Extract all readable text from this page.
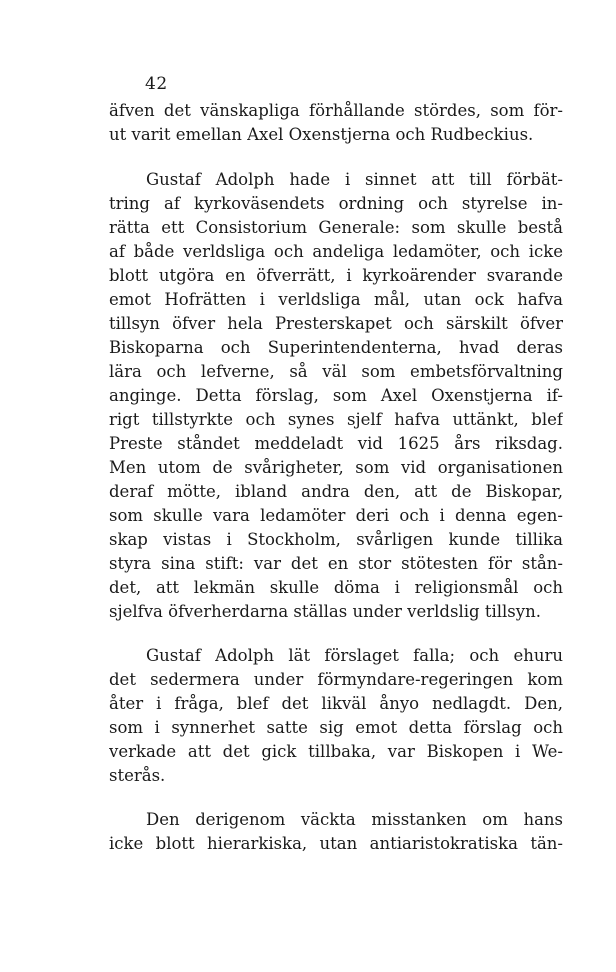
42
äfven det vänskapliga förhållande stördes, som för-
ut varit emellan Axel Oxenstjerna och Rudbeckius.
Gustaf Adolph hade i sinnet att till förbät-
tring af kyrkoväsendets ordning och styrelse in-
rätta ett Consistorium Generale: som skulle bestå
af både verldsliga och andeliga ledamöter, och icke
blott utgöra en öfverrätt, i kyrkoärender svarande
emot Hofrätten i verldsliga mål, utan ock hafva
tillsyn öfver hela Presterskapet och särskilt öfver
Biskoparna och Superintendenterna, hvad deras
lära och lefverne, så väl som embetsförvaltning
anginge. Detta förslag, som Axel Oxenstjerna if-
rigt tillstyrkte och synes sjelf hafva uttänkt, blef
Preste ståndet meddeladt vid 1625 års riksdag.
Men utom de svårigheter, som vid organisationen
deraf mötte, ibland andra den, att de Biskopar,
som skulle vara ledamöter deri och i denna egen-
skap vistas i Stockholm, svårligen kunde tillika
styra sina stift: var det en stor stötesten för stån-
det, att lekmän skulle döma i religionsmål och
sjelfva öfverherdarna ställas under verldslig tillsyn.
Gustaf Adolph lät förslaget falla; och ehuru
det sedermera under förmyndare-regeringen kom
åter i fråga, blef det likväl ånyo nedlagdt. Den,
som i synnerhet satte sig emot detta förslag och
verkade att det gick tillbaka, var Biskopen i We-
sterås.
Den derigenom väckta misstanken om hans
icke blott hierarkiska, utan antiaristokratiska tän-
